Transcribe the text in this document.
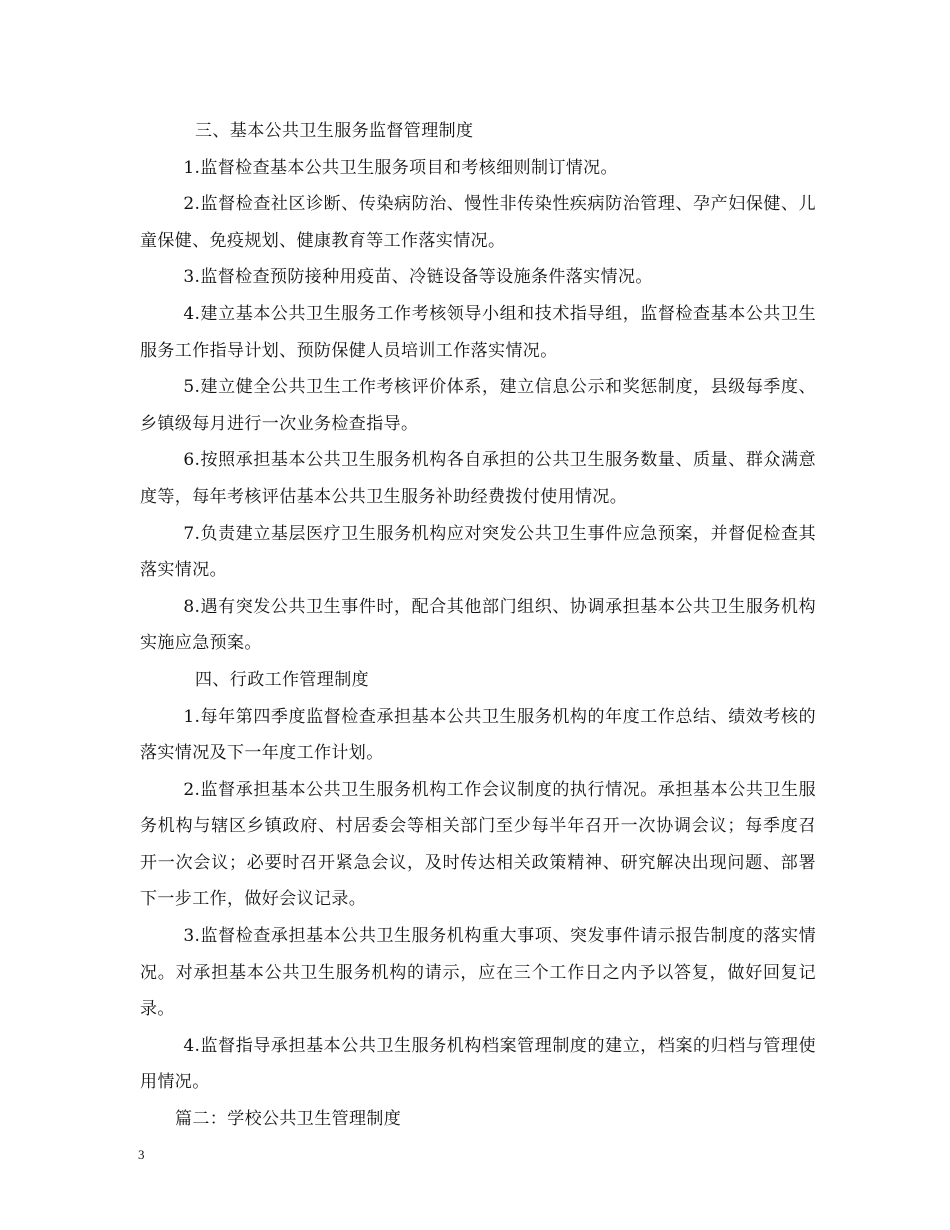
三、基本公共卫生服务监督管理制度

1.监督检查基本公共卫生服务项目和考核细则制订情况。

2.监督检查社区诊断、传染病防治、慢性非传染性疾病防治管理、孕产妇保健、儿童保健、免疫规划、健康教育等工作落实情况。

3.监督检查预防接种用疫苗、冷链设备等设施条件落实情况。

4.建立基本公共卫生服务工作考核领导小组和技术指导组，监督检查基本公共卫生服务工作指导计划、预防保健人员培训工作落实情况。

5.建立健全公共卫生工作考核评价体系，建立信息公示和奖惩制度，县级每季度、乡镇级每月进行一次业务检查指导。

6.按照承担基本公共卫生服务机构各自承担的公共卫生服务数量、质量、群众满意度等，每年考核评估基本公共卫生服务补助经费拨付使用情况。

7.负责建立基层医疗卫生服务机构应对突发公共卫生事件应急预案，并督促检查其落实情况。

8.遇有突发公共卫生事件时，配合其他部门组织、协调承担基本公共卫生服务机构实施应急预案。

四、行政工作管理制度

1.每年第四季度监督检查承担基本公共卫生服务机构的年度工作总结、绩效考核的落实情况及下一年度工作计划。

2.监督承担基本公共卫生服务机构工作会议制度的执行情况。承担基本公共卫生服务机构与辖区乡镇政府、村居委会等相关部门至少每半年召开一次协调会议；每季度召开一次会议；必要时召开紧急会议，及时传达相关政策精神、研究解决出现问题、部署下一步工作，做好会议记录。

3.监督检查承担基本公共卫生服务机构重大事项、突发事件请示报告制度的落实情况。对承担基本公共卫生服务机构的请示，应在三个工作日之内予以答复，做好回复记录。

4.监督指导承担基本公共卫生服务机构档案管理制度的建立，档案的归档与管理使用情况。

篇二：学校公共卫生管理制度

3
